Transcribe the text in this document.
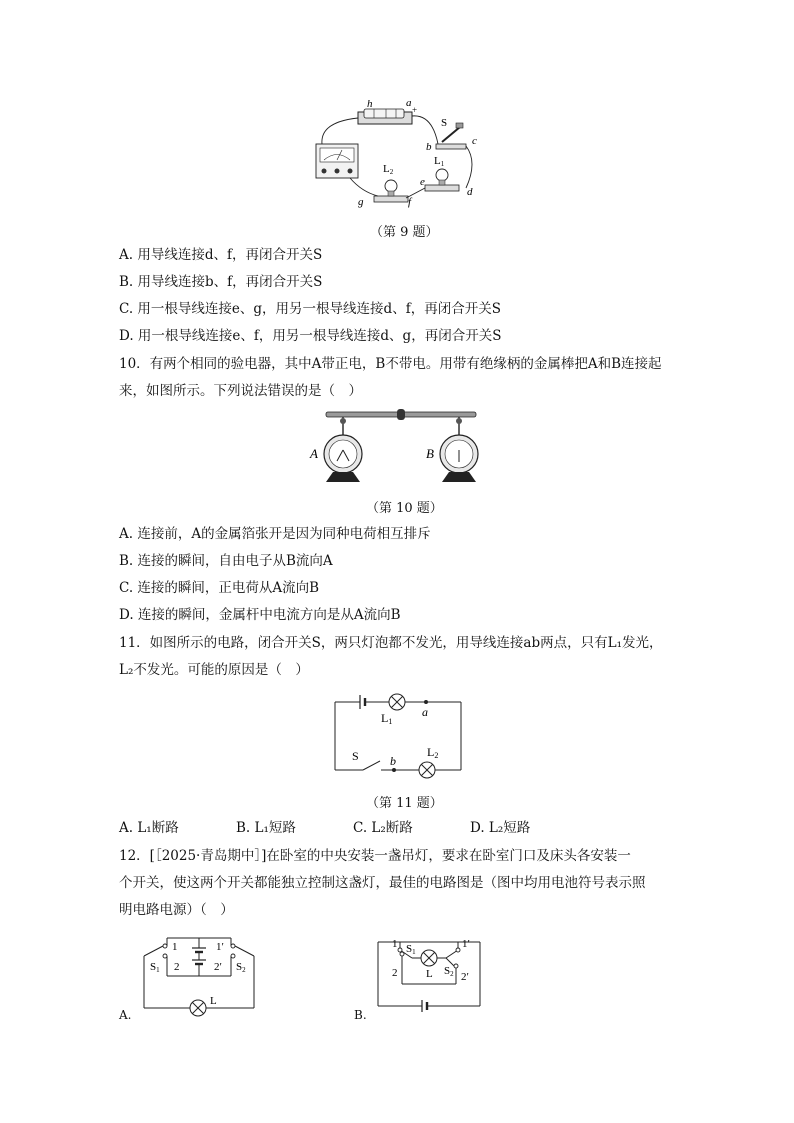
h	a
+
S
b	c
L1
e
d
L2
g	f
（第 9 题）
A. 用导线连接d、f，再闭合开关S
B. 用导线连接b、f，再闭合开关S
C. 用一根导线连接e、g，用另一根导线连接d、f，再闭合开关S
D. 用一根导线连接e、f，用另一根导线连接d、g，再闭合开关S
10．有两个相同的验电器，其中A带正电，B不带电。用带有绝缘柄的金属棒把A和B连接起
来，如图所示。下列说法错误的是（　）
A	B
（第 10 题）
A. 连接前，A的金属箔张开是因为同种电荷相互排斥
B. 连接的瞬间，自由电子从B流向A
C. 连接的瞬间，正电荷从A流向B
D. 连接的瞬间，金属杆中电流方向是从A流向B
11．如图所示的电路，闭合开关S，两只灯泡都不发光，用导线连接ab两点，只有L₁发光，
L₂不发光。可能的原因是（　）
L1
a
S	b
L2
（第 11 题）
A. L₁断路	B. L₁短路	C. L₂断路	D. L₂短路
12．[［2025·青岛期中］]在卧室的中央安装一盏吊灯，要求在卧室门口及床头各安装一
个开关，使这两个开关都能独立控制这盏灯，最佳的电路图是（图中均用电池符号表示照
明电路电源）（　）
1
2
1′
2′
S1	S2
L
A.
1	1′
2	2′
S1
S2
L
B.
